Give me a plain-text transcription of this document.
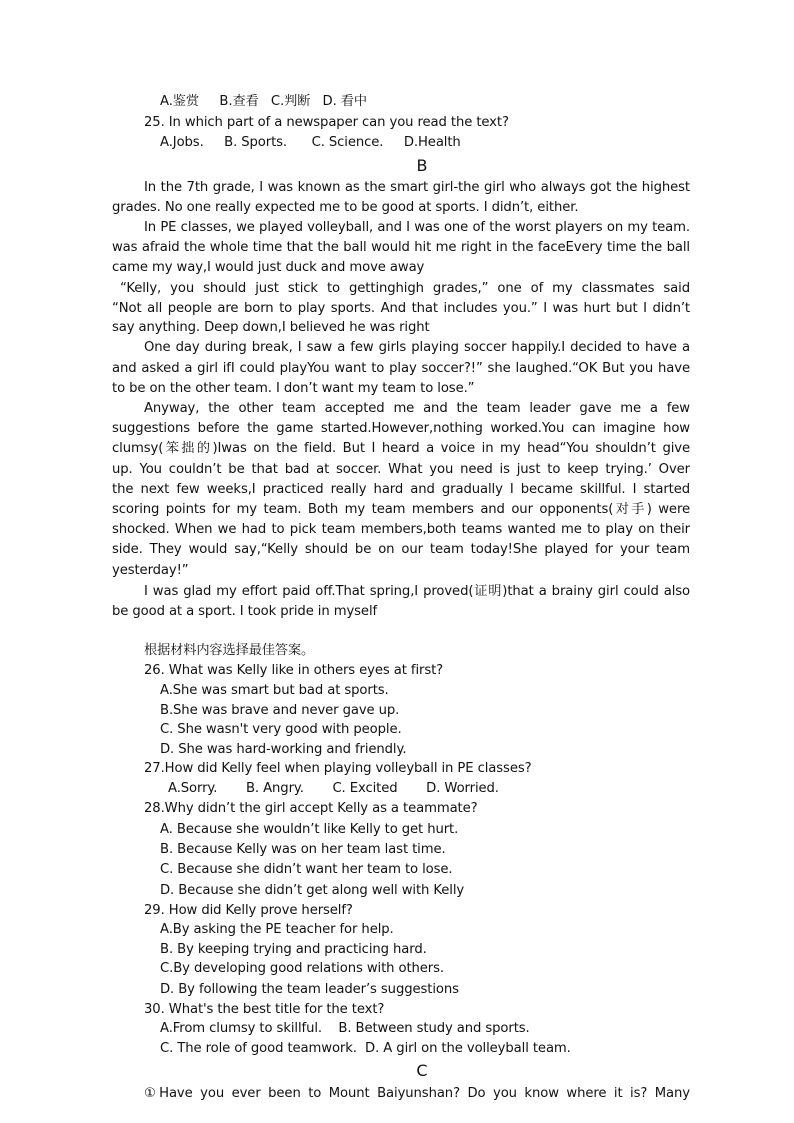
A.鉴赏     B.查看   C.判断   D. 看中
25. In which part of a newspaper can you read the text?
A.Jobs.     B. Sports.      C. Science.     D.Health
B
In the 7th grade, I was known as the smart girl-the girl who always got the highest
grades. No one really expected me to be good at sports. I didn’t, either.
In PE classes, we played volleyball, and I was one of the worst players on my team.
was afraid the whole time that the ball would hit me right in the faceEvery time the ball
came my way,I would just duck and move away
“Kelly, you should just stick to gettinghigh grades,” one of my classmates said
“Not all people are born to play sports. And that includes you.” I was hurt but I didn’t
say anything. Deep down,I believed he was right
One day during break, I saw a few girls playing soccer happily.I decided to have a
and asked a girl ifI could playYou want to play soccer?!” she laughed.“OK But you have
to be on the other team. I don’t want my team to lose.”
Anyway, the other team accepted me and the team leader gave me a few
suggestions before the game started.However,nothing worked.You can imagine how
clumsy(笨拙的)Iwas on the field. But I heard a voice in my head“You shouldn’t give
up. You couldn’t be that bad at soccer. What you need is just to keep trying.’ Over
the next few weeks,I practiced really hard and gradually I became skillful. I started
scoring points for my team. Both my team members and our opponents(对手) were
shocked. When we had to pick team members,both teams wanted me to play on their
side. They would say,“Kelly should be on our team today!She played for your team
yesterday!”
I was glad my effort paid off.That spring,I proved(证明)that a brainy girl could also
be good at a sport. I took pride in myself
根据材料内容选择最佳答案。
26. What was Kelly like in others eyes at first?
A.She was smart but bad at sports.
B.She was brave and never gave up.
C. She wasn't very good with people.
D. She was hard-working and friendly.
27.How did Kelly feel when playing volleyball in PE classes?
A.Sorry.       B. Angry.       C. Excited       D. Worried.
28.Why didn’t the girl accept Kelly as a teammate?
A. Because she wouldn’t like Kelly to get hurt.
B. Because Kelly was on her team last time.
C. Because she didn’t want her team to lose.
D. Because she didn’t get along well with Kelly
29. How did Kelly prove herself?
A.By asking the PE teacher for help.
B. By keeping trying and practicing hard.
C.By developing good relations with others.
D. By following the team leader’s suggestions
30. What's the best title for the text?
A.From clumsy to skillful.    B. Between study and sports.
C. The role of good teamwork.  D. A girl on the volleyball team.
C
①Have you ever been to Mount Baiyunshan? Do you know where it is? Many
